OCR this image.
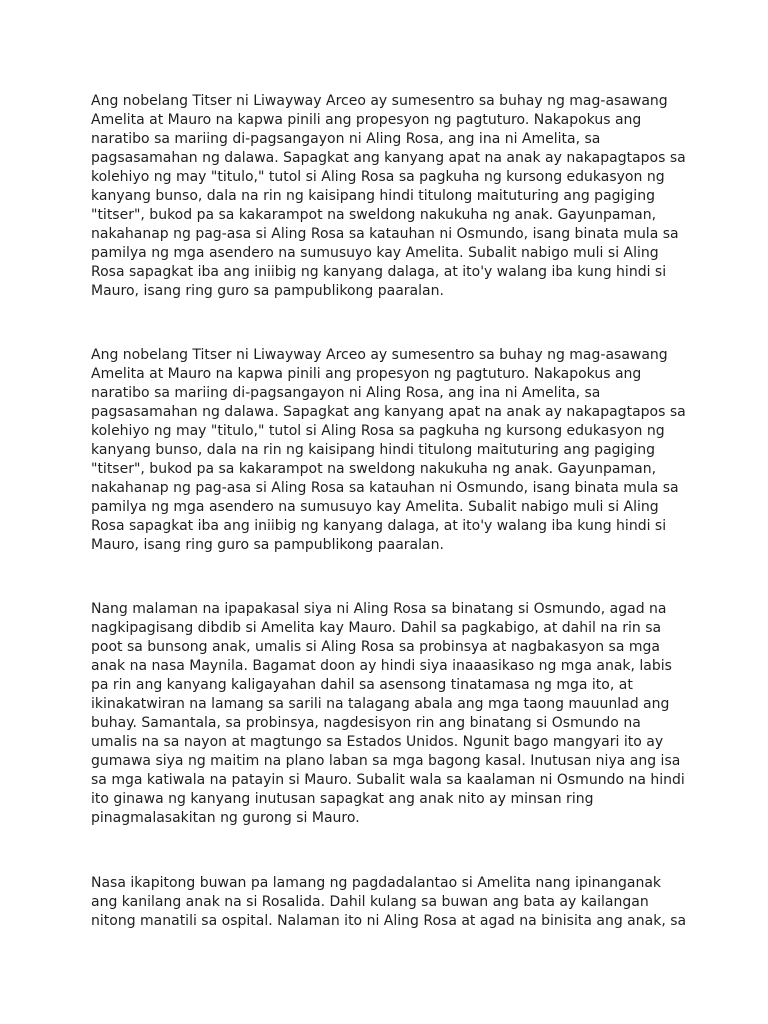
Ang nobelang Titser ni Liwayway Arceo ay sumesentro sa buhay ng mag-asawang
Amelita at Mauro na kapwa pinili ang propesyon ng pagtuturo. Nakapokus ang
naratibo sa mariing di-pagsangayon ni Aling Rosa, ang ina ni Amelita, sa
pagsasamahan ng dalawa. Sapagkat ang kanyang apat na anak ay nakapagtapos sa
kolehiyo ng may "titulo," tutol si Aling Rosa sa pagkuha ng kursong edukasyon ng
kanyang bunso, dala na rin ng kaisipang hindi titulong maituturing ang pagiging
"titser", bukod pa sa kakarampot na sweldong nakukuha ng anak. Gayunpaman,
nakahanap ng pag-asa si Aling Rosa sa katauhan ni Osmundo, isang binata mula sa
pamilya ng mga asendero na sumusuyo kay Amelita. Subalit nabigo muli si Aling
Rosa sapagkat iba ang iniibig ng kanyang dalaga, at ito'y walang iba kung hindi si
Mauro, isang ring guro sa pampublikong paaralan.

Ang nobelang Titser ni Liwayway Arceo ay sumesentro sa buhay ng mag-asawang
Amelita at Mauro na kapwa pinili ang propesyon ng pagtuturo. Nakapokus ang
naratibo sa mariing di-pagsangayon ni Aling Rosa, ang ina ni Amelita, sa
pagsasamahan ng dalawa. Sapagkat ang kanyang apat na anak ay nakapagtapos sa
kolehiyo ng may "titulo," tutol si Aling Rosa sa pagkuha ng kursong edukasyon ng
kanyang bunso, dala na rin ng kaisipang hindi titulong maituturing ang pagiging
"titser", bukod pa sa kakarampot na sweldong nakukuha ng anak. Gayunpaman,
nakahanap ng pag-asa si Aling Rosa sa katauhan ni Osmundo, isang binata mula sa
pamilya ng mga asendero na sumusuyo kay Amelita. Subalit nabigo muli si Aling
Rosa sapagkat iba ang iniibig ng kanyang dalaga, at ito'y walang iba kung hindi si
Mauro, isang ring guro sa pampublikong paaralan.

Nang malaman na ipapakasal siya ni Aling Rosa sa binatang si Osmundo, agad na
nagkipagisang dibdib si Amelita kay Mauro. Dahil sa pagkabigo, at dahil na rin sa
poot sa bunsong anak, umalis si Aling Rosa sa probinsya at nagbakasyon sa mga
anak na nasa Maynila. Bagamat doon ay hindi siya inaaasikaso ng mga anak, labis
pa rin ang kanyang kaligayahan dahil sa asensong tinatamasa ng mga ito, at
ikinakatwiran na lamang sa sarili na talagang abala ang mga taong mauunlad ang
buhay. Samantala, sa probinsya, nagdesisyon rin ang binatang si Osmundo na
umalis na sa nayon at magtungo sa Estados Unidos. Ngunit bago mangyari ito ay
gumawa siya ng maitim na plano laban sa mga bagong kasal. Inutusan niya ang isa
sa mga katiwala na patayin si Mauro. Subalit wala sa kaalaman ni Osmundo na hindi
ito ginawa ng kanyang inutusan sapagkat ang anak nito ay minsan ring
pinagmalasakitan ng gurong si Mauro.

Nasa ikapitong buwan pa lamang ng pagdadalantao si Amelita nang ipinanganak
ang kanilang anak na si Rosalida. Dahil kulang sa buwan ang bata ay kailangan
nitong manatili sa ospital. Nalaman ito ni Aling Rosa at agad na binisita ang anak, sa
